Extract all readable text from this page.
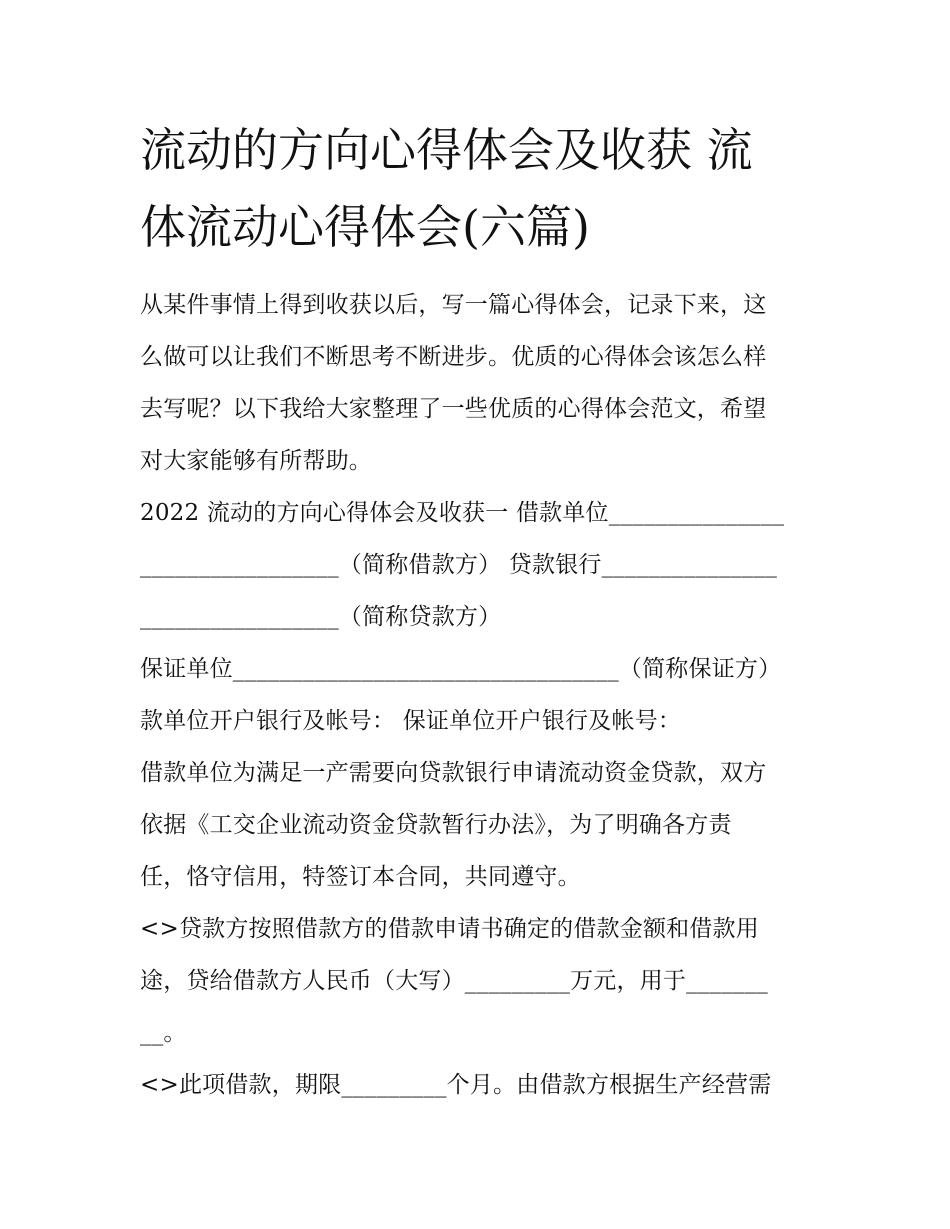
流动的方向心得体会及收获 流
体流动心得体会(六篇)

从某件事情上得到收获以后，写一篇心得体会，记录下来，这
么做可以让我们不断思考不断进步。优质的心得体会该怎么样
去写呢？以下我给大家整理了一些优质的心得体会范文，希望
对大家能够有所帮助。

2022 流动的方向心得体会及收获一 借款单位_______________
_________________（简称借款方） 贷款银行_______________
_________________（简称贷款方）
保证单位_________________________________（简称保证方）
款单位开户银行及帐号： 保证单位开户银行及帐号：
借款单位为满足一产需要向贷款银行申请流动资金贷款，双方
依据《工交企业流动资金贷款暂行办法》，为了明确各方责
任，恪守信用，特签订本合同，共同遵守。
<>贷款方按照借款方的借款申请书确定的借款金额和借款用
途，贷给借款方人民币（大写）_________万元，用于_______
__。
<>此项借款，期限_________个月。由借款方根据生产经营需
